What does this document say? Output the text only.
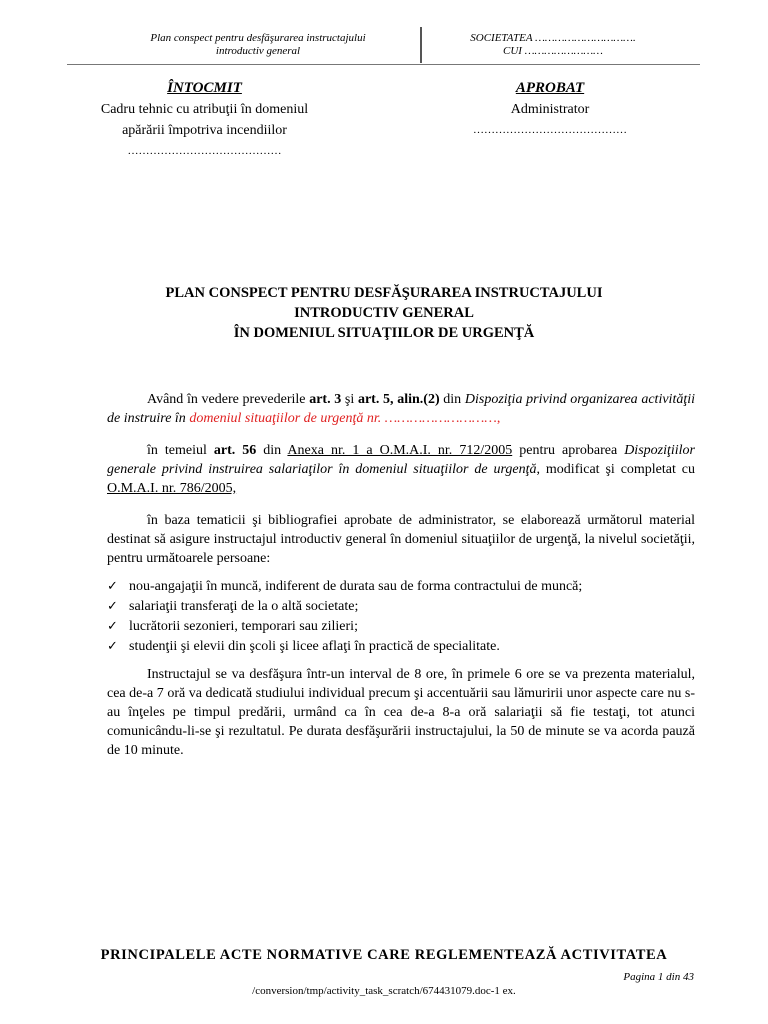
Plan conspect pentru desfăşurarea instructajului
introductiv general
SOCIETATEA ………………………….
CUI ……………………
ÎNTOCMIT
Cadru tehnic cu atribuţii în domeniul
apărării împotriva incendiilor
……………………………………
APROBAT
Administrator
……………………………………
PLAN CONSPECT PENTRU DESFĂŞURAREA INSTRUCTAJULUI
INTRODUCTIV GENERAL
ÎN DOMENIUL SITUAŢIILOR DE URGENŢĂ

Având în vedere prevederile art. 3 şi art. 5, alin.(2) din Dispoziţia privind organizarea activităţii de instruire în domeniul situaţiilor de urgenţă nr. ………………………,

în temeiul art. 56 din Anexa nr. 1 a O.M.A.I. nr. 712/2005 pentru aprobarea Dispoziţiilor generale privind instruirea salariaţilor în domeniul situaţiilor de urgenţă, modificat şi completat cu O.M.A.I. nr. 786/2005,

în baza tematicii şi bibliografiei aprobate de administrator, se elaborează următorul material destinat să asigure instructajul introductiv general în domeniul situaţiilor de urgenţă, la nivelul societăţii, pentru următoarele persoane:

✓ nou-angajaţii în muncă, indiferent de durata sau de forma contractului de muncă;
✓ salariaţii transferaţi de la o altă societate;
✓ lucrătorii sezonieri, temporari sau zilieri;
✓ studenţii şi elevii din şcoli şi licee aflaţi în practică de specialitate.

Instructajul se va desfăşura într-un interval de 8 ore, în primele 6 ore se va prezenta materialul, cea de-a 7 oră va dedicată studiului individual precum şi accentuării sau lămuririi unor aspecte care nu s-au înţeles pe timpul predării, urmând ca în cea de-a 8-a oră salariaţii să fie testaţi, tot atunci comunicându-li-se şi rezultatul. Pe durata desfăşurării instructajului, la 50 de minute se va acorda pauză de 10 minute.

PRINCIPALELE ACTE NORMATIVE CARE REGLEMENTEAZĂ ACTIVITATEA
Pagina 1 din 43
/conversion/tmp/activity_task_scratch/674431079.doc-1 ex.
